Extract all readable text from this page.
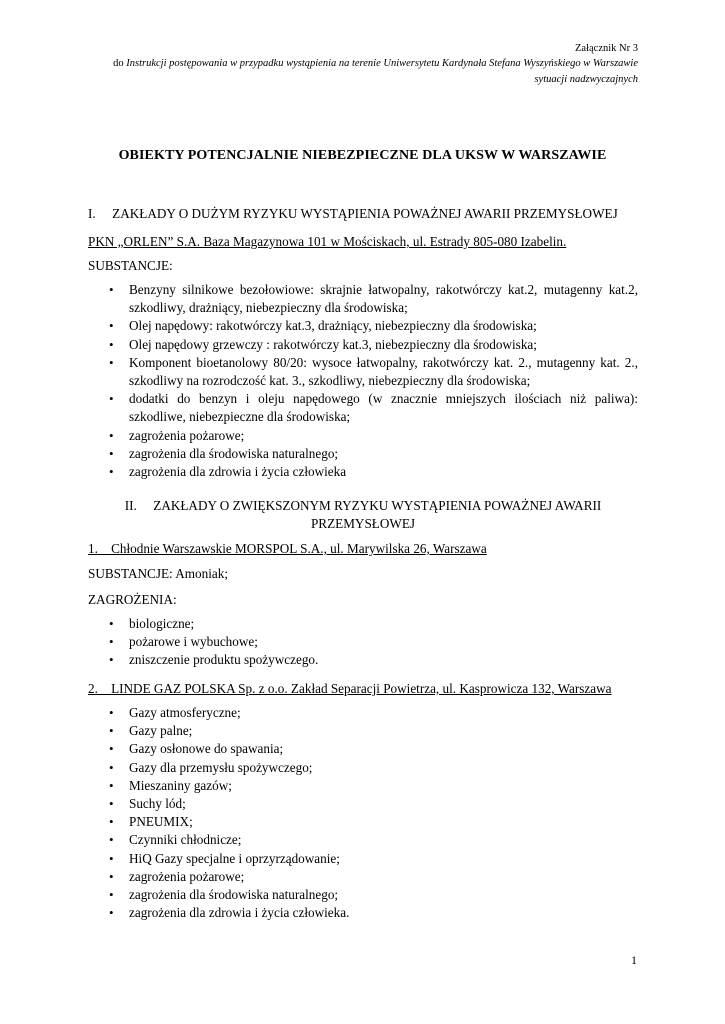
Załącznik Nr 3
do Instrukcji postępowania w przypadku wystąpienia na terenie Uniwersytetu Kardynała Stefana Wyszyńskiego w Warszawie
sytuacji nadzwyczajnych
OBIEKTY POTENCJALNIE NIEBEZPIECZNE DLA UKSW W WARSZAWIE
I.  ZAKŁADY O DUŻYM RYZYKU WYSTĄPIENIA POWAŻNEJ AWARII PRZEMYSŁOWEJ
PKN „ORLEN” S.A. Baza Magazynowa 101 w Mościskach, ul. Estrady 805-080 Izabelin.
SUBSTANCJE:
• Benzyny silnikowe bezołowiowe: skrajnie łatwopalny, rakotwórczy kat.2, mutagenny kat.2, szkodliwy, drażniący, niebezpieczny dla środowiska;
• Olej napędowy: rakotwórczy kat.3, drażniący, niebezpieczny dla środowiska;
• Olej napędowy grzewczy : rakotwórczy kat.3, niebezpieczny dla środowiska;
• Komponent bioetanolowy 80/20: wysoce łatwopalny, rakotwórczy kat. 2., mutagenny kat. 2., szkodliwy na rozrodczość kat. 3., szkodliwy, niebezpieczny dla środowiska;
• dodatki do benzyn i oleju napędowego (w znacznie mniejszych ilościach niż paliwa): szkodliwe, niebezpieczne dla środowiska;
• zagrożenia pożarowe;
• zagrożenia dla środowiska naturalnego;
• zagrożenia dla zdrowia i życia człowieka
II.  ZAKŁADY O ZWIĘKSZONYM RYZYKU WYSTĄPIENIA POWAŻNEJ AWARII
PRZEMYSŁOWEJ
1. Chłodnie Warszawskie MORSPOL S.A., ul. Marywilska 26, Warszawa
SUBSTANCJE: Amoniak;
ZAGROŻENIA:
• biologiczne;
• pożarowe i wybuchowe;
• zniszczenie produktu spożywczego.
2. LINDE GAZ POLSKA Sp. z o.o. Zakład Separacji Powietrza, ul. Kasprowicza 132, Warszawa
• Gazy atmosferyczne;
• Gazy palne;
• Gazy osłonowe do spawania;
• Gazy dla przemysłu spożywczego;
• Mieszaniny gazów;
• Suchy lód;
• PNEUMIX;
• Czynniki chłodnicze;
• HiQ Gazy specjalne i oprzyrządowanie;
• zagrożenia pożarowe;
• zagrożenia dla środowiska naturalnego;
• zagrożenia dla zdrowia i życia człowieka.
1
